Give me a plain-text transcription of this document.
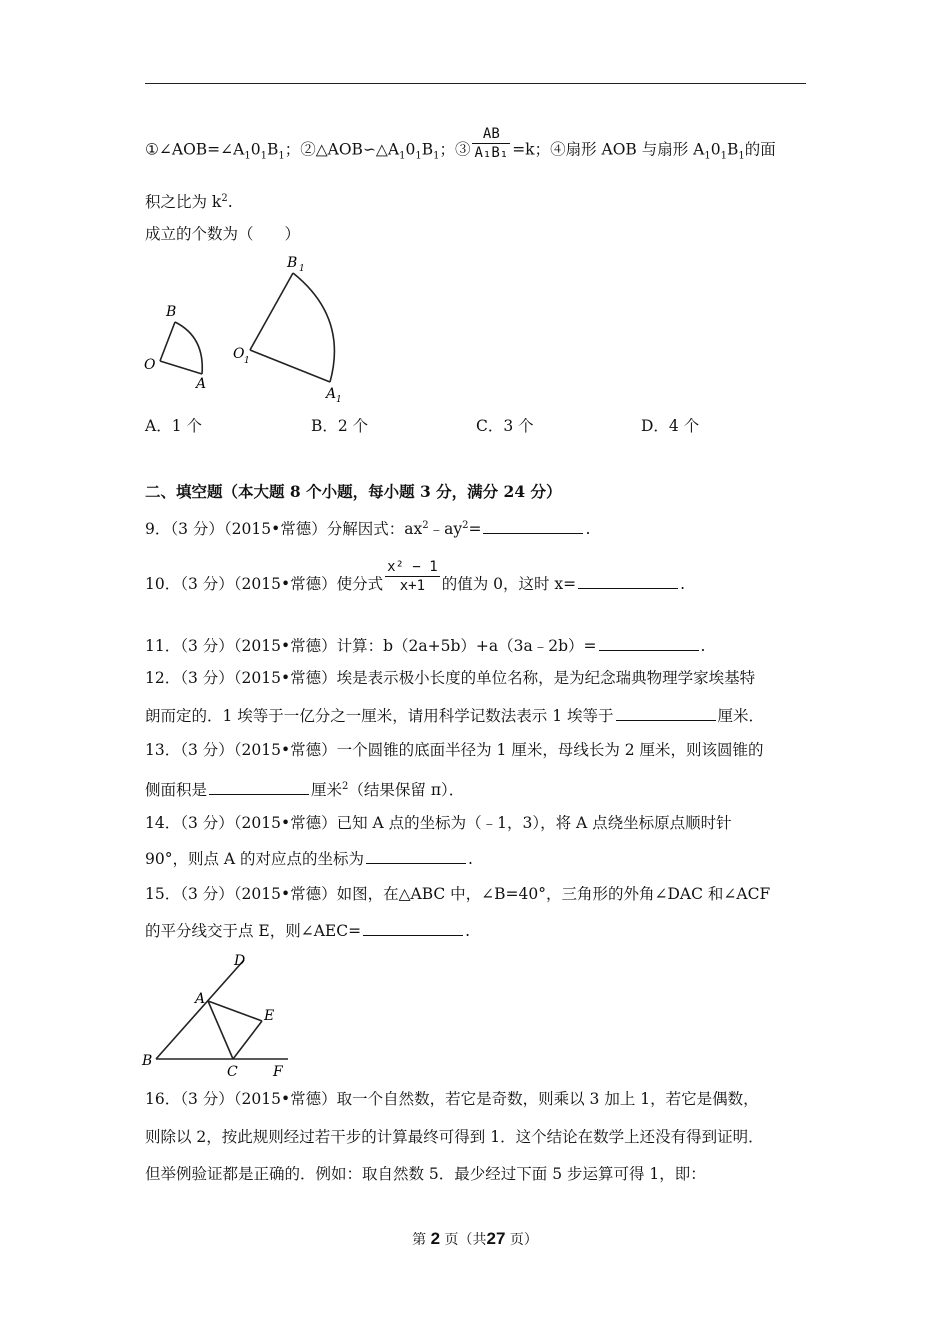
$①\angle AOB=\angle A_10_1B_1$；$②\triangle AOB∽\triangle A_10_1B_1$；③ $\frac{AB}{\text{A₁B₁}} =k$；④扇形 AOB 与扇形 $A_10_1B_1$的面
积之比为 $k^2$.
成立的个数为（　　）
B
O
A
B 1
O 1
A 1
A．1 个	B．2 个	C．3 个	D．4 个
二、填空题（本大题 8 个小题，每小题 3 分，满分 24 分）
9．（3 分）（2015•常德）分解因式：$ax^2﹣ay^2=$	.
10．（3 分）（2015•常德）使分式 $\frac{\text{x² − 1}}{x+1}$ 的值为 0，这时 x=	.
11．（3 分）（2015•常德）计算：b（2a+5b）+a（3a﹣2b）=	.
12．（3 分）（2015•常德）埃是表示极小长度的单位名称，是为纪念瑞典物理学家埃基特
朗而定的．1 埃等于一亿分之一厘米，请用科学记数法表示 1 埃等于	厘米．
13．（3 分）（2015•常德）一个圆锥的底面半径为 1 厘米，母线长为 2 厘米，则该圆锥的
侧面积是	厘米$^2$（结果保留 π）．
14．（3 分）（2015•常德）已知 A 点的坐标为（﹣1，3），将 A 点绕坐标原点顺时针
90°，则点 A 的对应点的坐标为	.
15．（3 分）（2015•常德）如图，在△ABC 中，∠B=40°，三角形的外角∠DAC 和∠ACF
的平分线交于点 E，则∠AEC=	.
D
A
E
B
C	F
16．（3 分）（2015•常德）取一个自然数，若它是奇数，则乘以 3 加上 1，若它是偶数，
则除以 2，按此规则经过若干步的计算最终可得到 1．这个结论在数学上还没有得到证明．
但举例验证都是正确的．例如：取自然数 5．最少经过下面 5 步运算可得 1，即：
第 2 页（共27 页）
